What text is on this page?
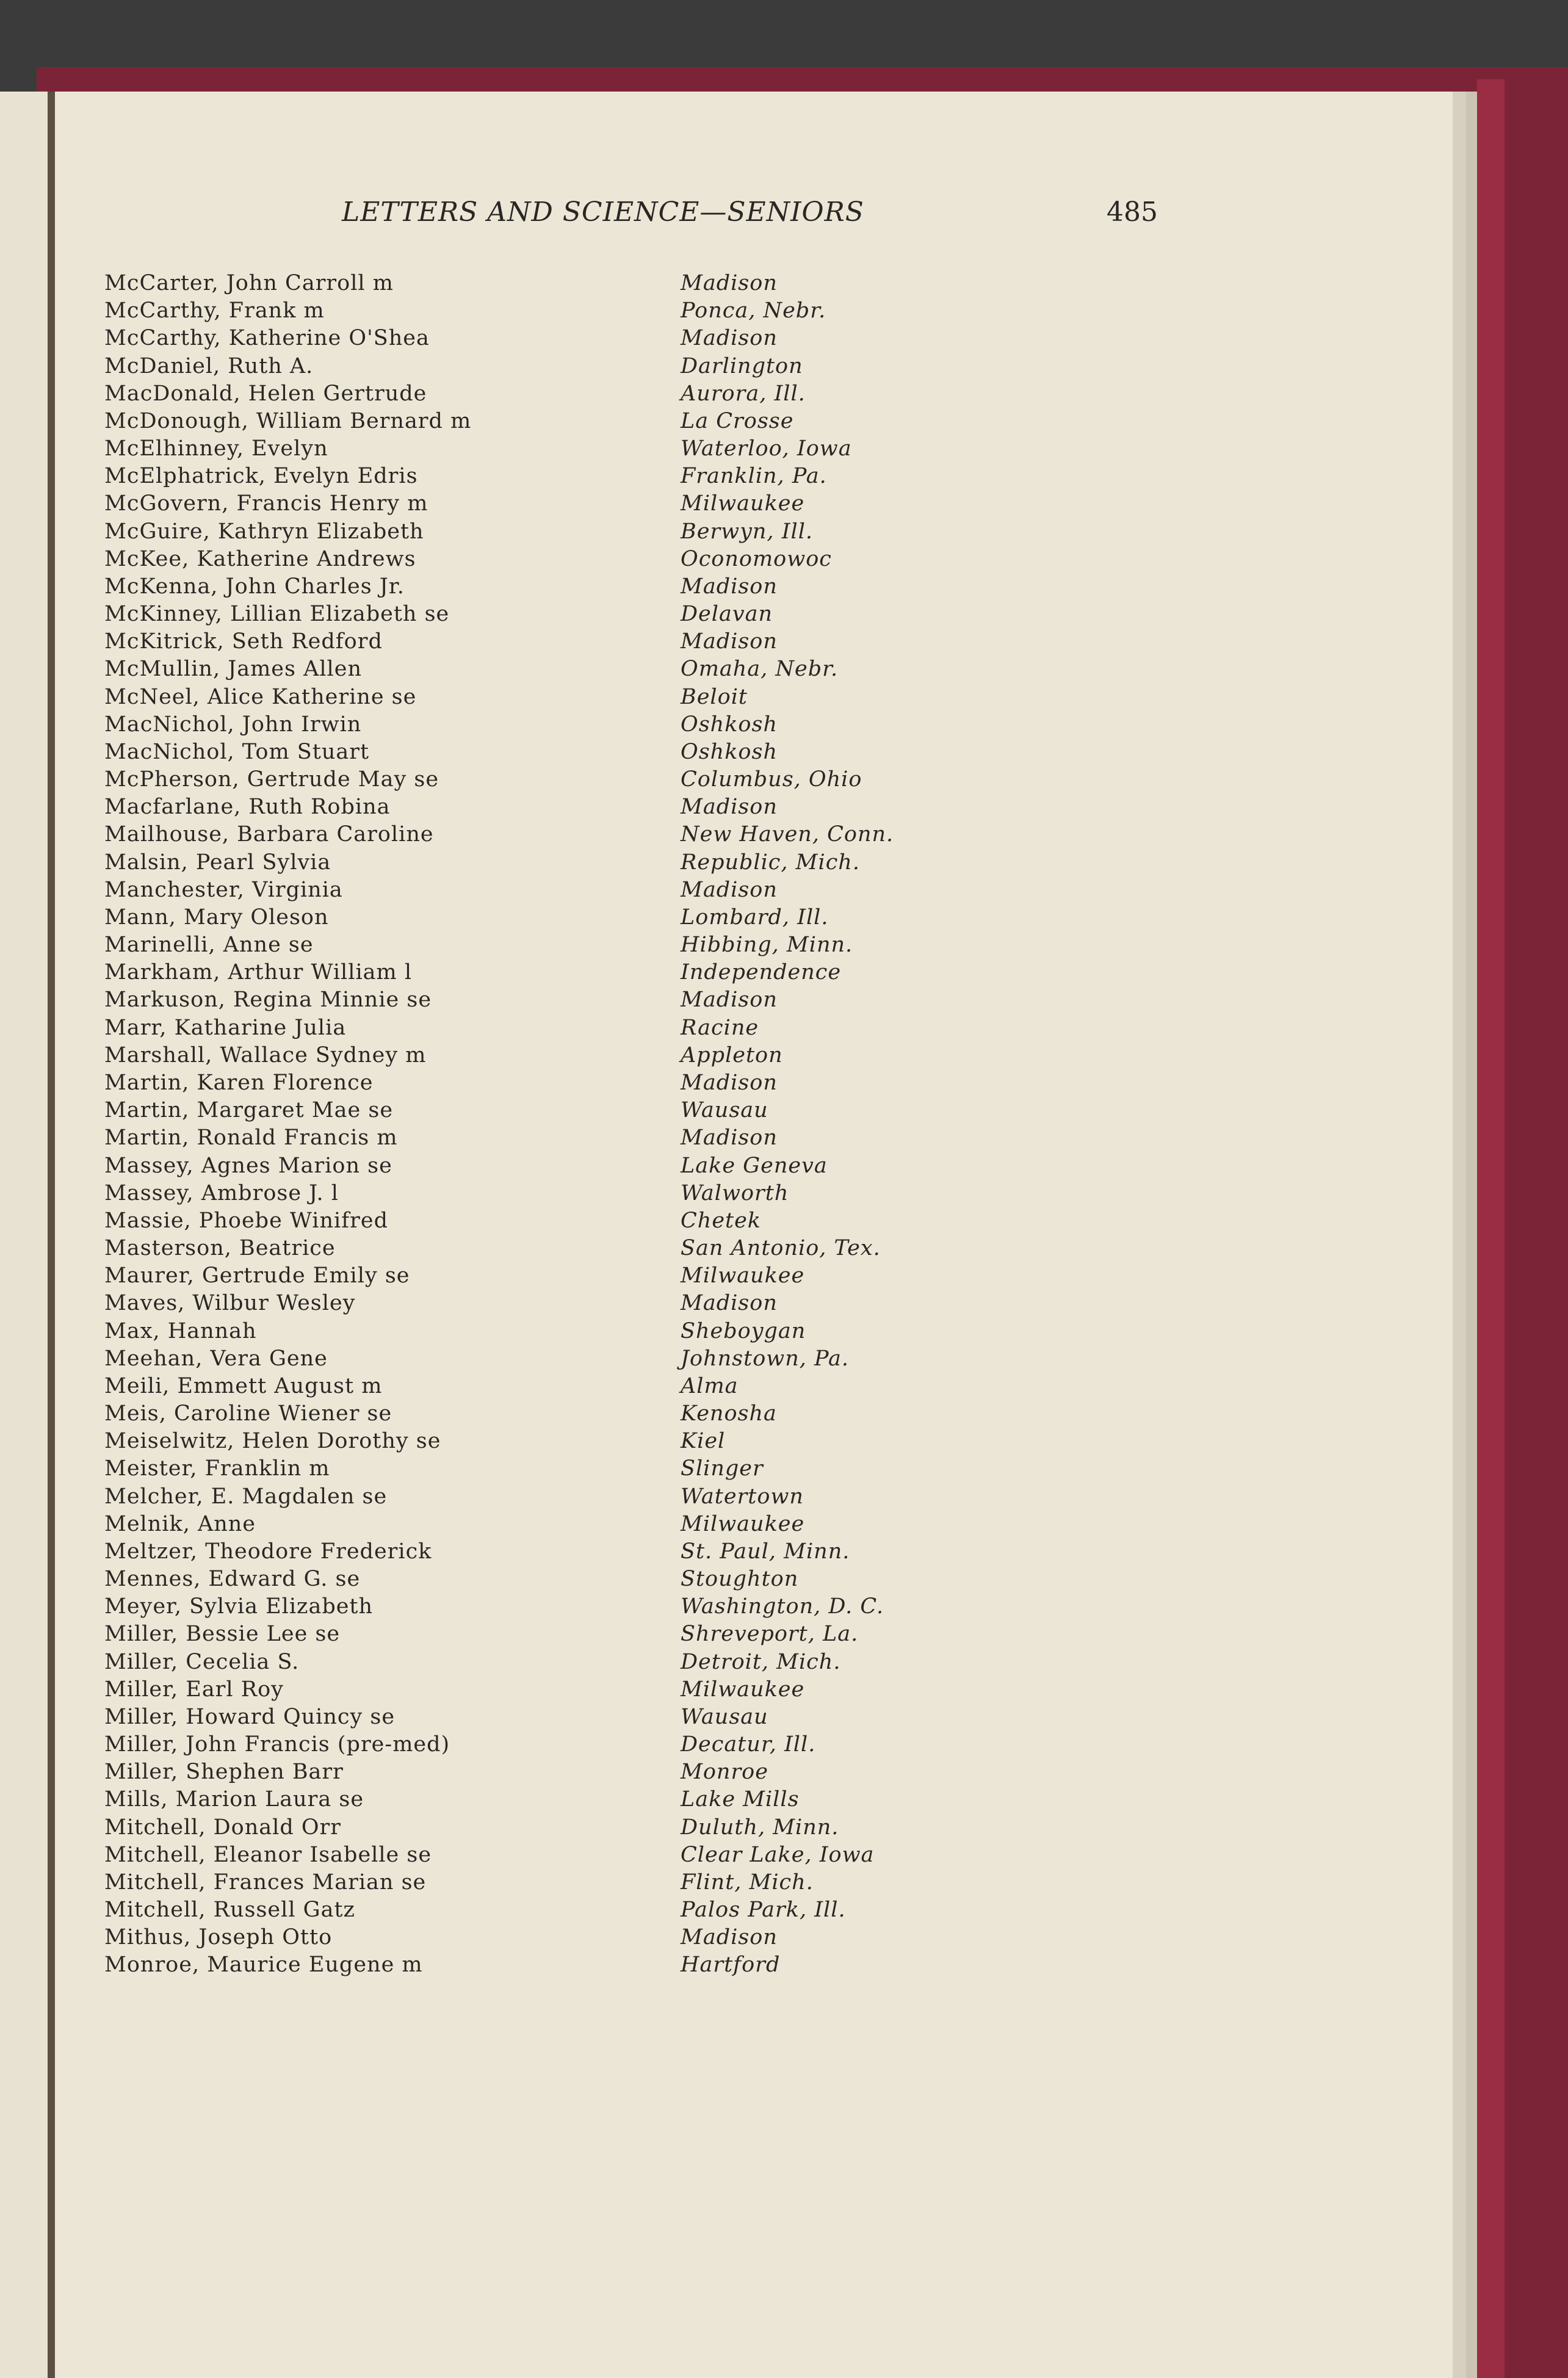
LETTERS AND SCIENCE—SENIORS	485
McCarter, John Carroll m	Madison
McCarthy, Frank m	Ponca, Nebr.
McCarthy, Katherine O'Shea	Madison
McDaniel, Ruth A.	Darlington
MacDonald, Helen Gertrude	Aurora, Ill.
McDonough, William Bernard m	La Crosse
McElhinney, Evelyn	Waterloo, Iowa
McElphatrick, Evelyn Edris	Franklin, Pa.
McGovern, Francis Henry m	Milwaukee
McGuire, Kathryn Elizabeth	Berwyn, Ill.
McKee, Katherine Andrews	Oconomowoc
McKenna, John Charles Jr.	Madison
McKinney, Lillian Elizabeth se	Delavan
McKitrick, Seth Redford	Madison
McMullin, James Allen	Omaha, Nebr.
McNeel, Alice Katherine se	Beloit
MacNichol, John Irwin	Oshkosh
MacNichol, Tom Stuart	Oshkosh
McPherson, Gertrude May se	Columbus, Ohio
Macfarlane, Ruth Robina	Madison
Mailhouse, Barbara Caroline	New Haven, Conn.
Malsin, Pearl Sylvia	Republic, Mich.
Manchester, Virginia	Madison
Mann, Mary Oleson	Lombard, Ill.
Marinelli, Anne se	Hibbing, Minn.
Markham, Arthur William l	Independence
Markuson, Regina Minnie se	Madison
Marr, Katharine Julia	Racine
Marshall, Wallace Sydney m	Appleton
Martin, Karen Florence	Madison
Martin, Margaret Mae se	Wausau
Martin, Ronald Francis m	Madison
Massey, Agnes Marion se	Lake Geneva
Massey, Ambrose J. l	Walworth
Massie, Phoebe Winifred	Chetek
Masterson, Beatrice	San Antonio, Tex.
Maurer, Gertrude Emily se	Milwaukee
Maves, Wilbur Wesley	Madison
Max, Hannah	Sheboygan
Meehan, Vera Gene	Johnstown, Pa.
Meili, Emmett August m	Alma
Meis, Caroline Wiener se	Kenosha
Meiselwitz, Helen Dorothy se	Kiel
Meister, Franklin m	Slinger
Melcher, E. Magdalen se	Watertown
Melnik, Anne	Milwaukee
Meltzer, Theodore Frederick	St. Paul, Minn.
Mennes, Edward G. se	Stoughton
Meyer, Sylvia Elizabeth	Washington, D. C.
Miller, Bessie Lee se	Shreveport, La.
Miller, Cecelia S.	Detroit, Mich.
Miller, Earl Roy	Milwaukee
Miller, Howard Quincy se	Wausau
Miller, John Francis (pre-med)	Decatur, Ill.
Miller, Shephen Barr	Monroe
Mills, Marion Laura se	Lake Mills
Mitchell, Donald Orr	Duluth, Minn.
Mitchell, Eleanor Isabelle se	Clear Lake, Iowa
Mitchell, Frances Marian se	Flint, Mich.
Mitchell, Russell Gatz	Palos Park, Ill.
Mithus, Joseph Otto	Madison
Monroe, Maurice Eugene m	Hartford
